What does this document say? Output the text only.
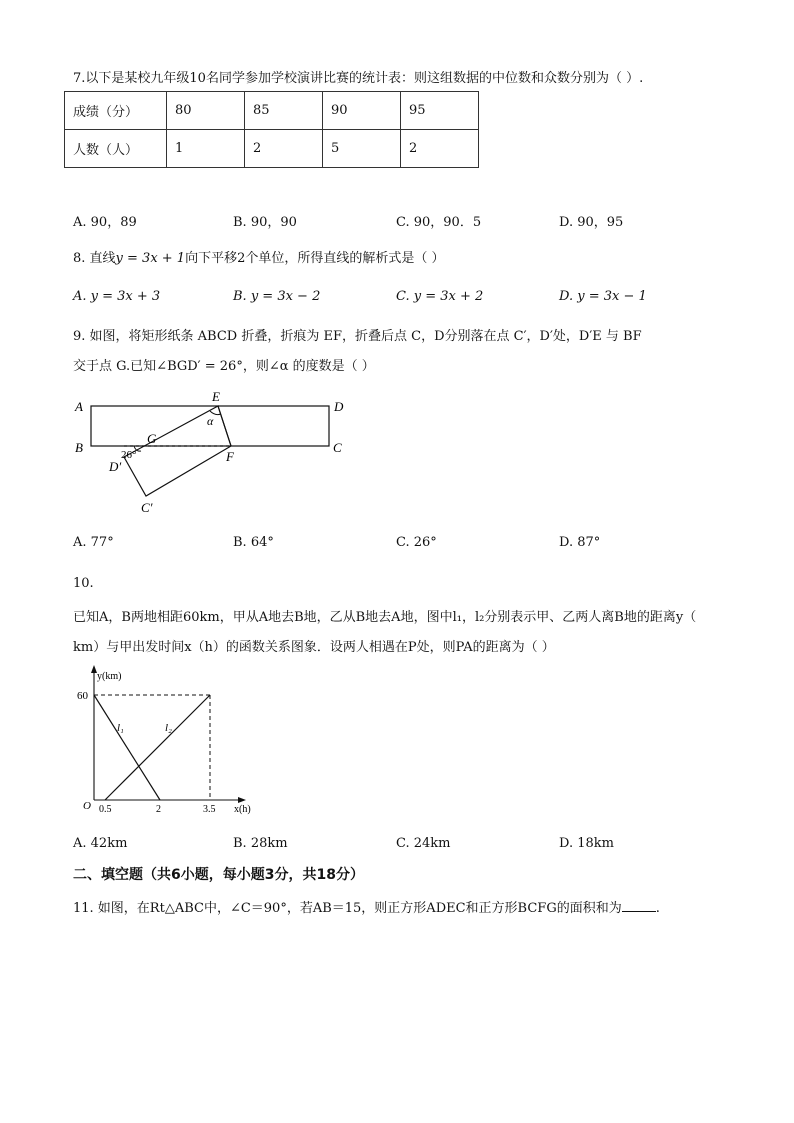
7.以下是某校九年级10名同学参加学校演讲比赛的统计表：则这组数据的中位数和众数分别为（ ）.
成绩（分）	80	85	90	95
人数（人）	1	2	5	2
A. 90，89	B. 90，90	C. 90，90．5	D. 90，95
8. 直线y = 3x + 1向下平移2个单位，所得直线的解析式是（ ）
A. y = 3x + 3	B. y = 3x − 2	C. y = 3x + 2	D. y = 3x − 1
9. 如图，将矩形纸条 ABCD 折叠，折痕为 EF，折叠后点 C，D分别落在点 C′，D′处，D′E 与 BF
交于点 G.已知∠BGD′ = 26°，则∠α 的度数是（ ）
A
B	C
D
E
F
G
D′
C′
26°
α
A. 77°	B. 64°	C. 26°	D. 87°
10.
已知A，B两地相距60km，甲从A地去B地，乙从B地去A地，图中l₁，l₂分别表示甲、乙两人离B地的距离y（
km）与甲出发时间x（h）的函数关系图象．设两人相遇在P处，则PA的距离为（ ）
y(km)
x(h)
O
60
0.5	2	3.5
l₁	l₂
A. 42km	B. 28km	C. 24km	D. 18km
二、填空题（共6小题，每小题3分，共18分）
11. 如图，在Rt△ABC中，∠C＝90°，若AB＝15，则正方形ADEC和正方形BCFG的面积和为	.
